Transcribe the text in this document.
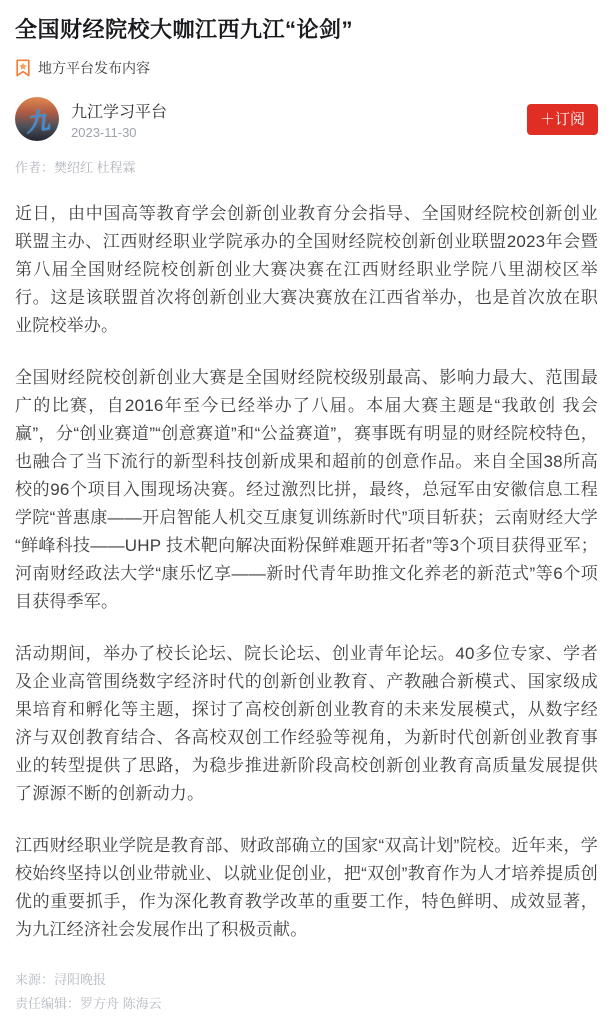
全国财经院校大咖江西九江“论剑”
地方平台发布内容
九 九江学习平台
2023-11-30
＋订阅
作者：樊绍红 杜程霖

近日，由中国高等教育学会创新创业教育分会指导、全国财经院校创新创业联盟主办、江西财经职业学院承办的全国财经院校创新创业联盟2023年会暨第八届全国财经院校创新创业大赛决赛在江西财经职业学院八里湖校区举行。这是该联盟首次将创新创业大赛决赛放在江西省举办，也是首次放在职业院校举办。

全国财经院校创新创业大赛是全国财经院校级别最高、影响力最大、范围最广的比赛，自2016年至今已经举办了八届。本届大赛主题是“我敢创 我会赢”，分“创业赛道”“创意赛道”和“公益赛道”，赛事既有明显的财经院校特色，也融合了当下流行的新型科技创新成果和超前的创意作品。来自全国38所高校的96个项目入围现场决赛。经过激烈比拼，最终，总冠军由安徽信息工程学院“普惠康——开启智能人机交互康复训练新时代”项目斩获；云南财经大学“鲜峰科技——UHP 技术靶向解决面粉保鲜难题开拓者”等3个项目获得亚军；河南财经政法大学“康乐忆享——新时代青年助推文化养老的新范式”等6个项目获得季军。

活动期间，举办了校长论坛、院长论坛、创业青年论坛。40多位专家、学者及企业高管围绕数字经济时代的创新创业教育、产教融合新模式、国家级成果培育和孵化等主题，探讨了高校创新创业教育的未来发展模式，从数字经济与双创教育结合、各高校双创工作经验等视角，为新时代创新创业教育事业的转型提供了思路，为稳步推进新阶段高校创新创业教育高质量发展提供了源源不断的创新动力。

江西财经职业学院是教育部、财政部确立的国家“双高计划”院校。近年来，学校始终坚持以创业带就业、以就业促创业，把“双创”教育作为人才培养提质创优的重要抓手，作为深化教育教学改革的重要工作，特色鲜明、成效显著，为九江经济社会发展作出了积极贡献。

来源：浔阳晚报
责任编辑：罗方舟 陈海云
